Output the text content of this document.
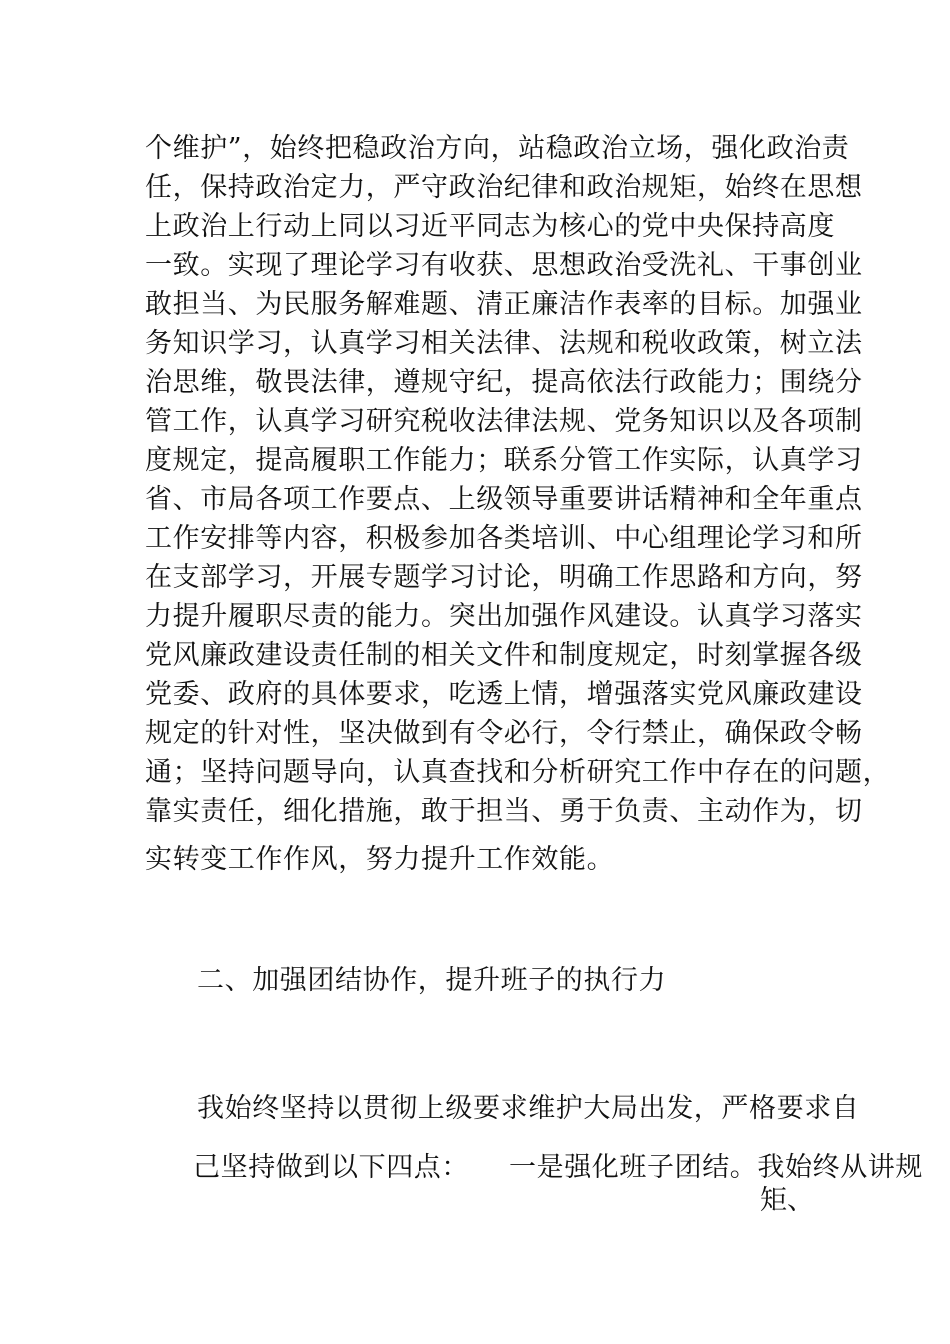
个维护”，始终把稳政治方向，站稳政治立场，强化政治责
任，保持政治定力，严守政治纪律和政治规矩，始终在思想
上政治上行动上同以习近平同志为核心的党中央保持高度
一致。实现了理论学习有收获、思想政治受洗礼、干事创业
敢担当、为民服务解难题、清正廉洁作表率的目标。加强业
务知识学习，认真学习相关法律、法规和税收政策，树立法
治思维，敬畏法律，遵规守纪，提高依法行政能力；围绕分
管工作，认真学习研究税收法律法规、党务知识以及各项制
度规定，提高履职工作能力；联系分管工作实际，认真学习
省、市局各项工作要点、上级领导重要讲话精神和全年重点
工作安排等内容，积极参加各类培训、中心组理论学习和所
在支部学习，开展专题学习讨论，明确工作思路和方向，努
力提升履职尽责的能力。突出加强作风建设。认真学习落实
党风廉政建设责任制的相关文件和制度规定，时刻掌握各级
党委、政府的具体要求，吃透上情，增强落实党风廉政建设
规定的针对性，坚决做到有令必行，令行禁止，确保政令畅
通；坚持问题导向，认真查找和分析研究工作中存在的问题，
靠实责任，细化措施，敢于担当、勇于负责、主动作为，切
实转变工作作风，努力提升工作效能。
二、加强团结协作，提升班子的执行力
我始终坚持以贯彻上级要求维护大局出发，严格要求自
己坚持做到以下四点： 一是强化班子团结。我始终从讲规
矩、
